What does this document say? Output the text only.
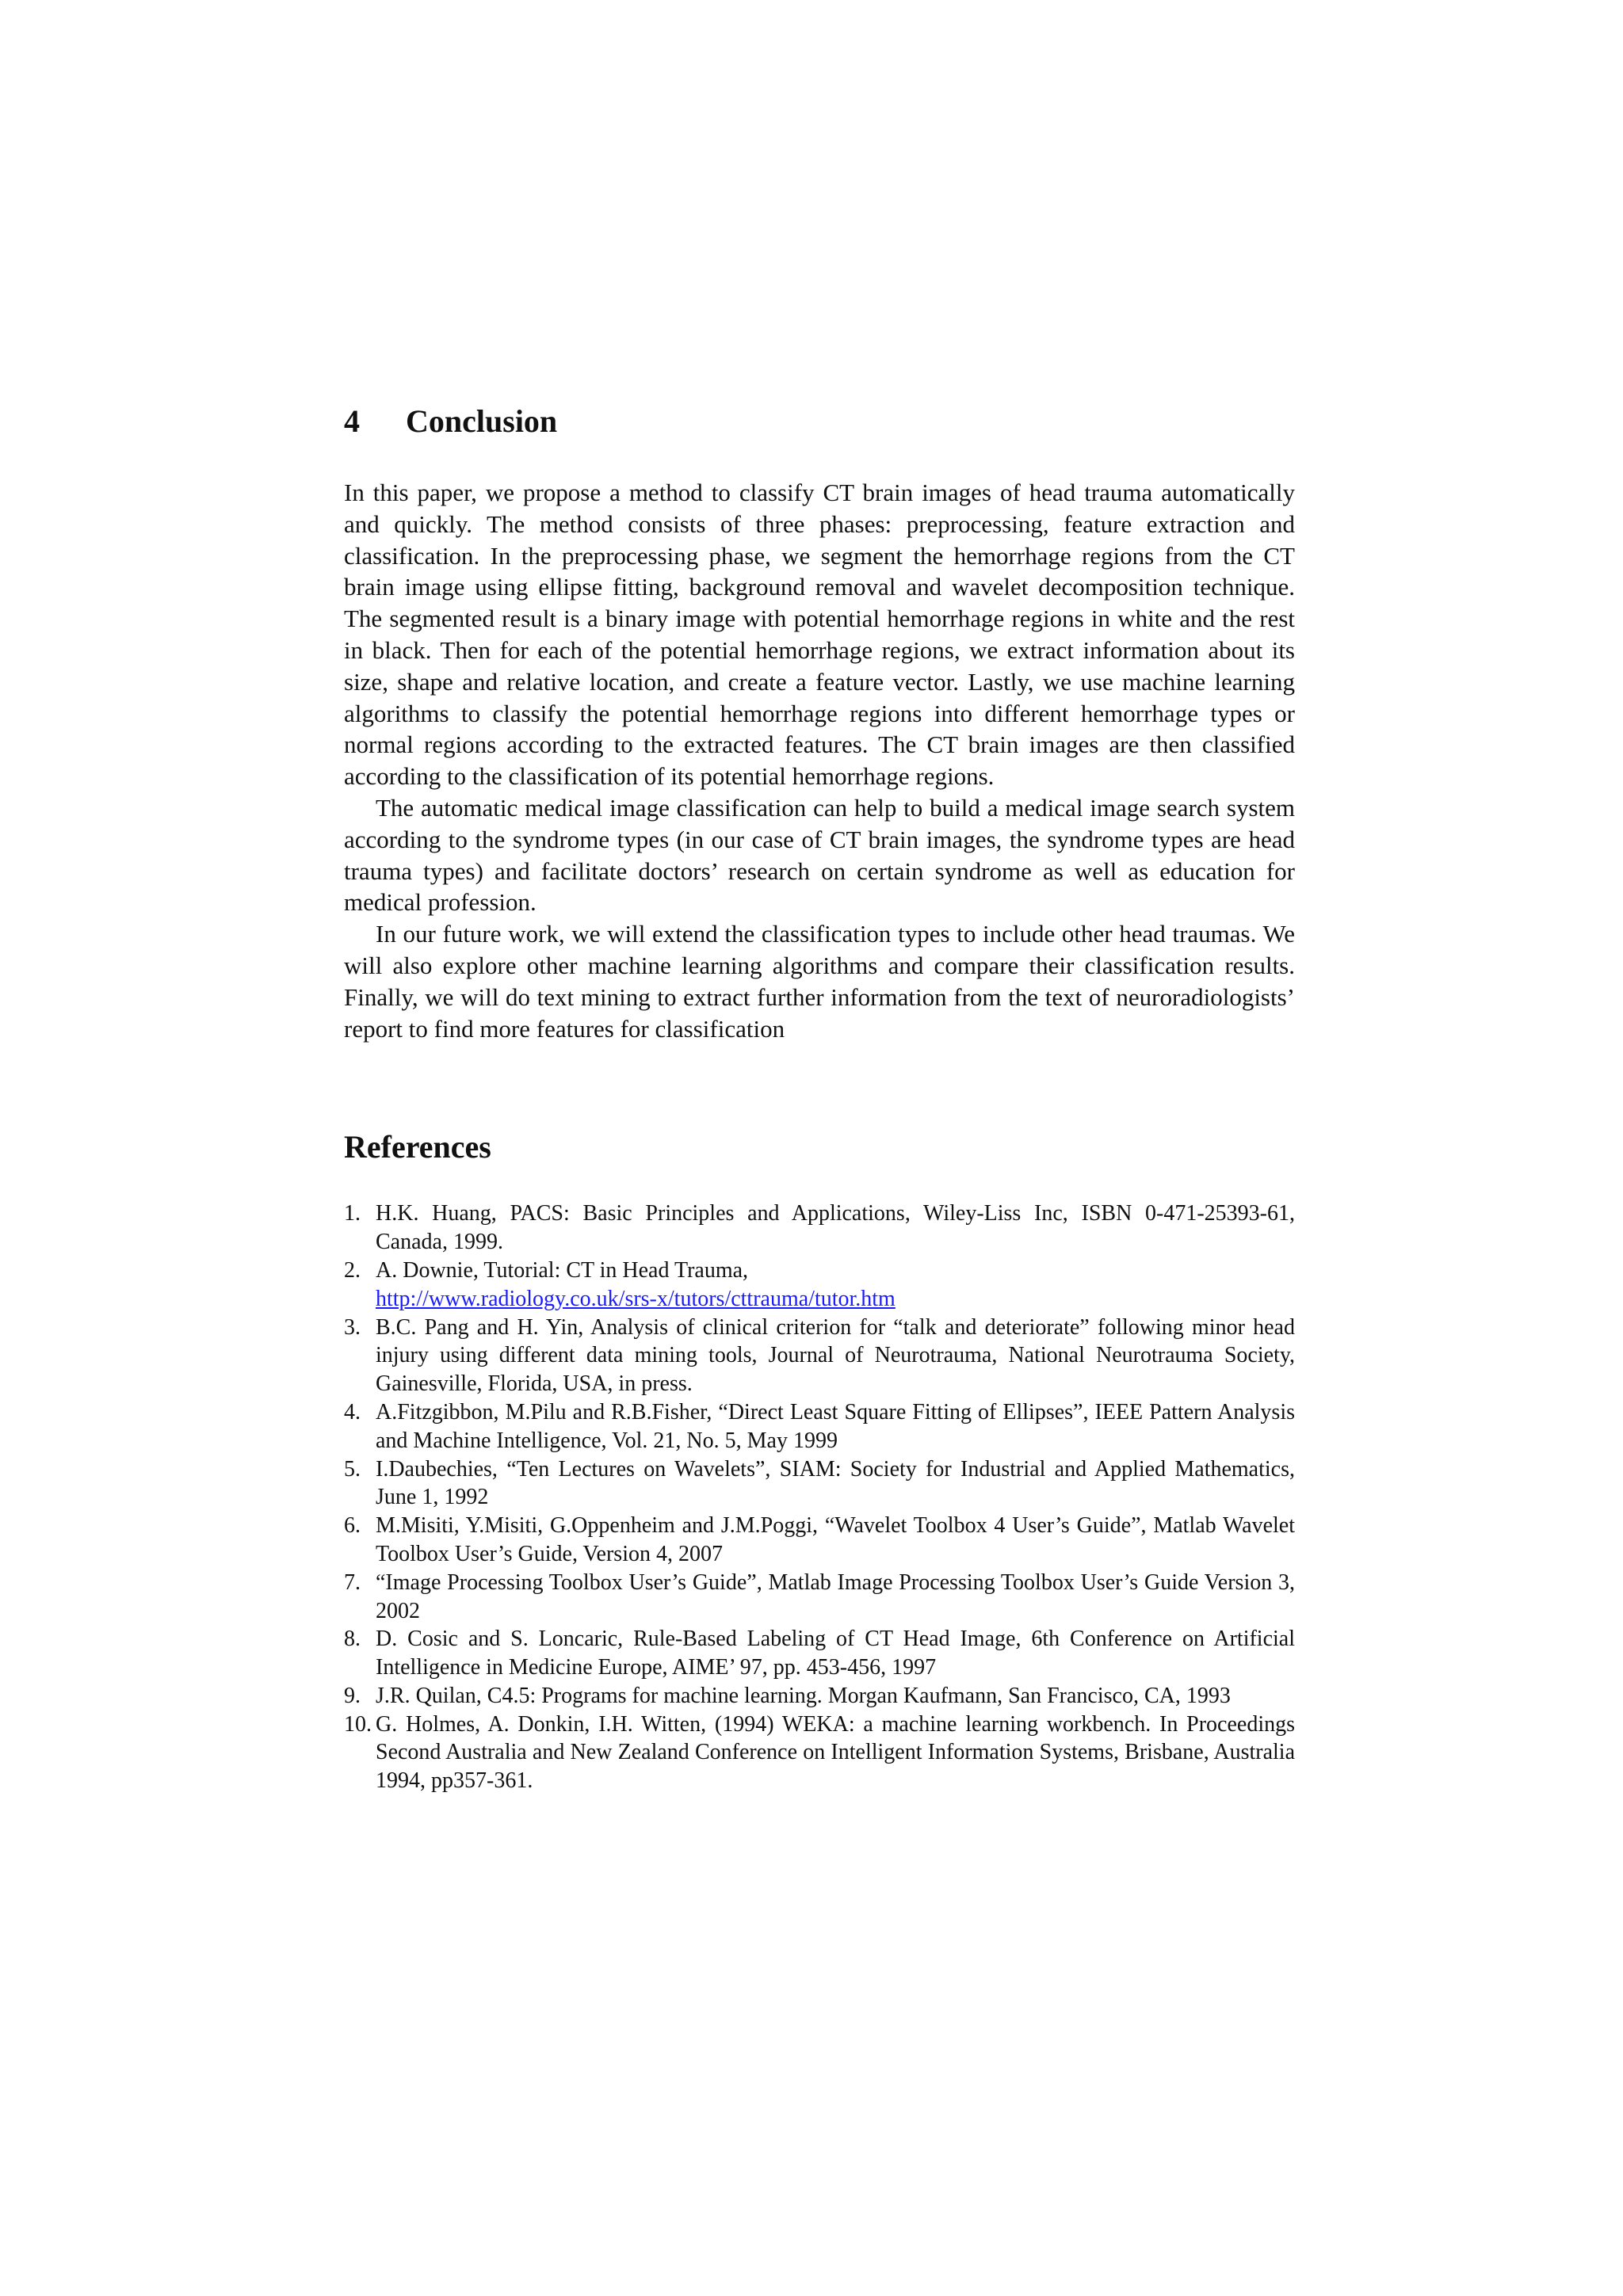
4	Conclusion

In this paper, we propose a method to classify CT brain images of head trauma automatically and quickly. The method consists of three phases: preprocessing, feature extraction and classification. In the preprocessing phase, we segment the hemorrhage regions from the CT brain image using ellipse fitting, background removal and wavelet decomposition technique. The segmented result is a binary image with potential hemorrhage regions in white and the rest in black. Then for each of the potential hemorrhage regions, we extract information about its size, shape and relative location, and create a feature vector. Lastly, we use machine learning algorithms to classify the potential hemorrhage regions into different hemorrhage types or normal regions according to the extracted features. The CT brain images are then classified according to the classification of its potential hemorrhage regions.

The automatic medical image classification can help to build a medical image search system according to the syndrome types (in our case of CT brain images, the syndrome types are head trauma types) and facilitate doctors’ research on certain syndrome as well as education for medical profession.

In our future work, we will extend the classification types to include other head traumas. We will also explore other machine learning algorithms and compare their classification results. Finally, we will do text mining to extract further information from the text of neuroradiologists’ report to find more features for classification

References
1. H.K. Huang, PACS: Basic Principles and Applications, Wiley-Liss Inc, ISBN 0-471-25393-61, Canada, 1999.
2. A. Downie, Tutorial: CT in Head Trauma,
http://www.radiology.co.uk/srs-x/tutors/cttrauma/tutor.htm
3. B.C. Pang and H. Yin, Analysis of clinical criterion for “talk and deteriorate” following minor head injury using different data mining tools, Journal of Neurotrauma, National Neurotrauma Society, Gainesville, Florida, USA, in press.
4. A.Fitzgibbon, M.Pilu and R.B.Fisher, “Direct Least Square Fitting of Ellipses”, IEEE Pattern Analysis and Machine Intelligence, Vol. 21, No. 5, May 1999
5. I.Daubechies, “Ten Lectures on Wavelets”, SIAM: Society for Industrial and Applied Mathematics, June 1, 1992
6. M.Misiti, Y.Misiti, G.Oppenheim and J.M.Poggi, “Wavelet Toolbox 4 User’s Guide”, Matlab Wavelet Toolbox User’s Guide, Version 4, 2007
7. “Image Processing Toolbox User’s Guide”, Matlab Image Processing Toolbox User’s Guide Version 3, 2002
8. D. Cosic and S. Loncaric, Rule-Based Labeling of CT Head Image, 6th Conference on Artificial Intelligence in Medicine Europe, AIME’ 97, pp. 453-456, 1997
9. J.R. Quilan, C4.5: Programs for machine learning. Morgan Kaufmann, San Francisco, CA, 1993
10. G. Holmes, A. Donkin, I.H. Witten, (1994) WEKA: a machine learning workbench. In Proceedings Second Australia and New Zealand Conference on Intelligent Information Systems, Brisbane, Australia 1994, pp357-361.
